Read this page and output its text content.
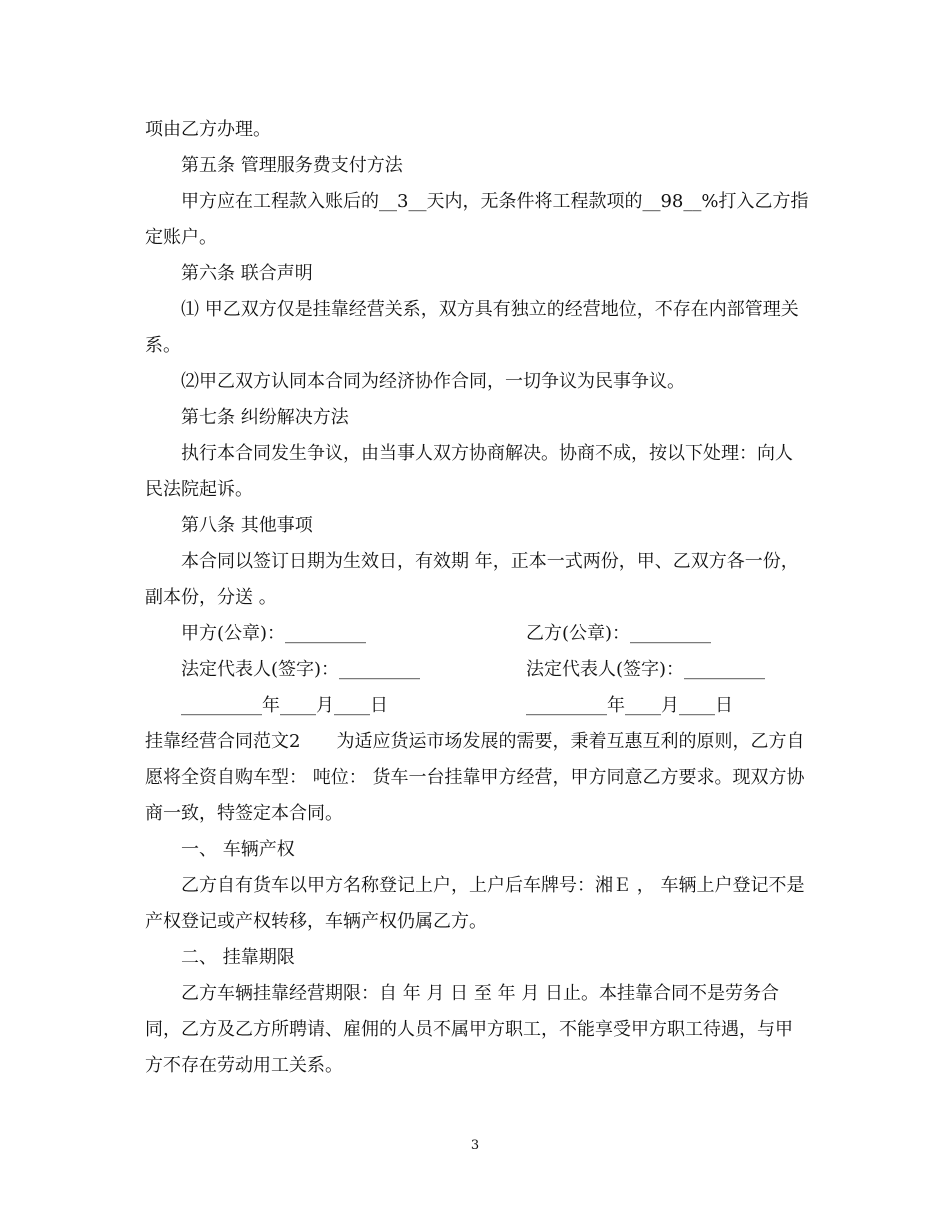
项由乙方办理。

第五条 管理服务费支付方法

甲方应在工程款入账后的__3__天内，无条件将工程款项的__98__%打入乙方指定账户。

第六条 联合声明

⑴ 甲乙双方仅是挂靠经营关系，双方具有独立的经营地位，不存在内部管理关系。

⑵甲乙双方认同本合同为经济协作合同，一切争议为民事争议。

第七条 纠纷解决方法

执行本合同发生争议，由当事人双方协商解决。协商不成，按以下处理：向人民法院起诉。

第八条 其他事项

本合同以签订日期为生效日，有效期 年，正本一式两份，甲、乙双方各一份，副本份，分送 。

甲方(公章)：_________	乙方(公章)：_________
法定代表人(签字)：_________	法定代表人(签字)：_________
_________年____月____日	_________年____月____日

挂靠经营合同范文2　　为适应货运市场发展的需要，秉着互惠互利的原则，乙方自愿将全资自购车型： 吨位： 货车一台挂靠甲方经营，甲方同意乙方要求。现双方协商一致，特签定本合同。

一、 车辆产权

乙方自有货车以甲方名称登记上户，上户后车牌号：湘Ｅ ， 车辆上户登记不是产权登记或产权转移，车辆产权仍属乙方。

二、 挂靠期限

乙方车辆挂靠经营期限：自 年 月 日 至 年 月 日止。本挂靠合同不是劳务合同，乙方及乙方所聘请、雇佣的人员不属甲方职工，不能享受甲方职工待遇，与甲方不存在劳动用工关系。

3
